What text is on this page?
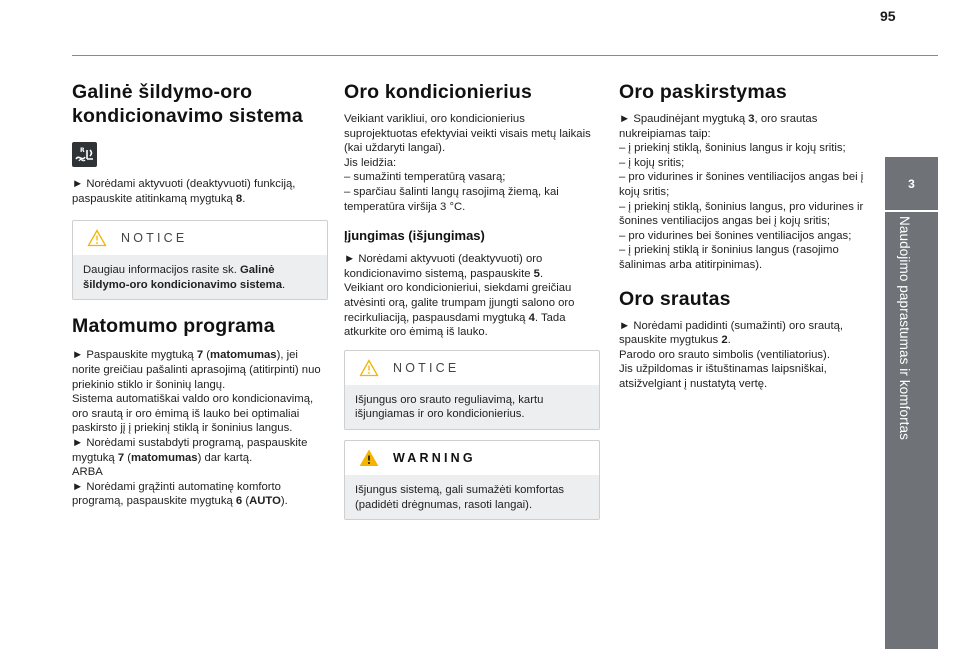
95
3
Naudojimo paprastumas ir komfortas
Galinė šildymo-oro kondicionavimo sistema
R

► Norėdami aktyvuoti (deaktyvuoti) funkciją, paspauskite atitinkamą mygtuką 8.

NOTICE

Daugiau informacijos rasite sk. Galinė šildymo-oro kondicionavimo sistema.

Matomumo programa

► Paspauskite mygtuką 7 (matomumas), jei norite greičiau pašalinti aprasojimą (atitirpinti) nuo priekinio stiklo ir šoninių langų.

Sistema automatiškai valdo oro kondicionavimą, oro srautą ir oro ėmimą iš lauko bei optimaliai paskirsto jį į priekinį stiklą ir šoninius langus.

► Norėdami sustabdyti programą, paspauskite mygtuką 7 (matomumas) dar kartą.

ARBA

► Norėdami grąžinti automatinę komforto programą, paspauskite mygtuką 6 (AUTO).

Oro kondicionierius

Veikiant varikliui, oro kondicionierius suprojektuotas efektyviai veikti visais metų laikais (kai uždaryti langai).

Jis leidžia:

– sumažinti temperatūrą vasarą;

– sparčiau šalinti langų rasojimą žiemą, kai temperatūra viršija 3 °C.

Įjungimas (išjungimas)

► Norėdami aktyvuoti (deaktyvuoti) oro kondicionavimo sistemą, paspauskite 5.

Veikiant oro kondicionieriui, siekdami greičiau atvėsinti orą, galite trumpam įjungti salono oro recirkuliaciją, paspausdami mygtuką 4. Tada atkurkite oro ėmimą iš lauko.

NOTICE

Išjungus oro srauto reguliavimą, kartu išjungiamas ir oro kondicionierius.

WARNING

Išjungus sistemą, gali sumažėti komfortas (padidėti drėgnumas, rasoti langai).

Oro paskirstymas

► Spaudinėjant mygtuką 3, oro srautas nukreipiamas taip:

– į priekinį stiklą, šoninius langus ir kojų sritis;

– į kojų sritis;

– pro vidurines ir šonines ventiliacijos angas bei į kojų sritis;

– į priekinį stiklą, šoninius langus, pro vidurines ir šonines ventiliacijos angas bei į kojų sritis;

– pro vidurines bei šonines ventiliacijos angas;

– į priekinį stiklą ir šoninius langus (rasojimo šalinimas arba atitirpinimas).

Oro srautas

► Norėdami padidinti (sumažinti) oro srautą, spauskite mygtukus 2.

Parodo oro srauto simbolis (ventiliatorius).

Jis užpildomas ir ištuštinamas laipsniškai, atsižvelgiant į nustatytą vertę.
